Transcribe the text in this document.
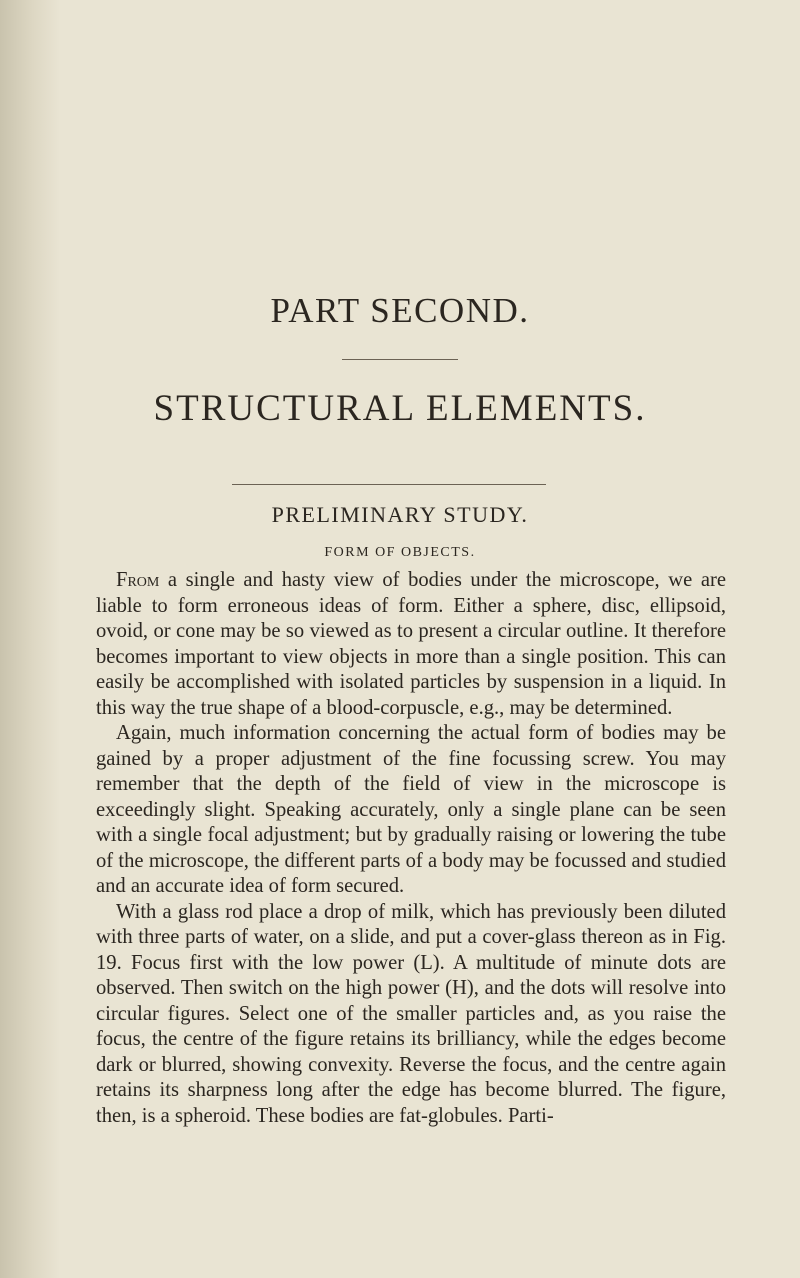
PART SECOND.
STRUCTURAL ELEMENTS.
PRELIMINARY STUDY.
FORM OF OBJECTS.

From a single and hasty view of bodies under the microscope, we are liable to form erroneous ideas of form. Either a sphere, disc, ellipsoid, ovoid, or cone may be so viewed as to present a circular outline. It therefore becomes important to view objects in more than a single position. This can easily be accomplished with isolated particles by suspension in a liquid. In this way the true shape of a blood-corpuscle, e.g., may be determined.

Again, much information concerning the actual form of bodies may be gained by a proper adjustment of the fine focussing screw. You may remember that the depth of the field of view in the microscope is exceedingly slight. Speaking accurately, only a single plane can be seen with a single focal adjustment; but by gradually raising or lowering the tube of the microscope, the different parts of a body may be focussed and studied and an accurate idea of form secured.

With a glass rod place a drop of milk, which has previously been diluted with three parts of water, on a slide, and put a cover-glass thereon as in Fig. 19. Focus first with the low power (L). A multitude of minute dots are observed. Then switch on the high power (H), and the dots will resolve into circular figures. Select one of the smaller particles and, as you raise the focus, the centre of the figure retains its brilliancy, while the edges become dark or blurred, showing convexity. Reverse the focus, and the centre again retains its sharpness long after the edge has become blurred. The figure, then, is a spheroid. These bodies are fat-globules. Parti-
